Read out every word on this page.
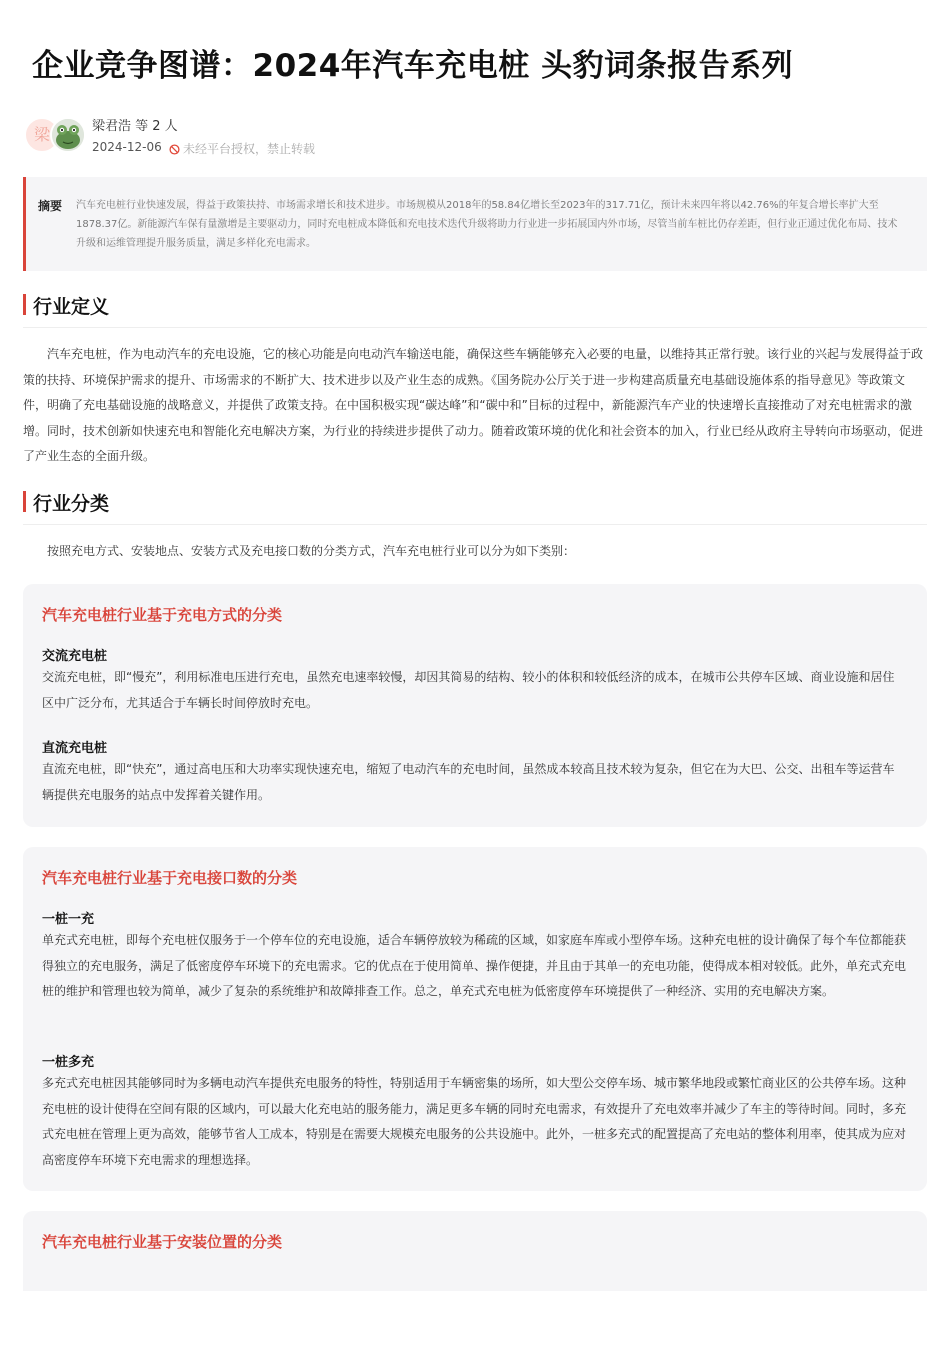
企业竞争图谱：2024年汽车充电桩 头豹词条报告系列
梁	梁君浩 等 2 人
2024-12-06	未经平台授权，禁止转载
摘要 汽车充电桩行业快速发展，得益于政策扶持、市场需求增长和技术进步。市场规模从2018年的58.84亿增长至2023年的317.71亿，预计未来四年将以42.76%的年复合增长率扩大至1878.37亿。新能源汽车保有量激增是主要驱动力，同时充电桩成本降低和充电技术迭代升级将助力行业进一步拓展国内外市场，尽管当前车桩比仍存差距，但行业正通过优化布局、技术升级和运维管理提升服务质量，满足多样化充电需求。
行业定义
汽车充电桩，作为电动汽车的充电设施，它的核心功能是向电动汽车输送电能，确保这些车辆能够充入必要的电量，以维持其正常行驶。该行业的兴起与发展得益于政策的扶持、环境保护需求的提升、市场需求的不断扩大、技术进步以及产业生态的成熟。《国务院办公厅关于进一步构建高质量充电基础设施体系的指导意见》等政策文件，明确了充电基础设施的战略意义，并提供了政策支持。在中国积极实现“碳达峰”和“碳中和”目标的过程中，新能源汽车产业的快速增长直接推动了对充电桩需求的激增。同时，技术创新如快速充电和智能化充电解决方案，为行业的持续进步提供了动力。随着政策环境的优化和社会资本的加入，行业已经从政府主导转向市场驱动，促进了产业生态的全面升级。
行业分类
按照充电方式、安装地点、安装方式及充电接口数的分类方式，汽车充电桩行业可以分为如下类别：
汽车充电桩行业基于充电方式的分类
交流充电桩
交流充电桩，即“慢充”，利用标准电压进行充电，虽然充电速率较慢，却因其简易的结构、较小的体积和较低经济的成本，在城市公共停车区域、商业设施和居住区中广泛分布，尤其适合于车辆长时间停放时充电。
直流充电桩
直流充电桩，即“快充”，通过高电压和大功率实现快速充电，缩短了电动汽车的充电时间，虽然成本较高且技术较为复杂，但它在为大巴、公交、出租车等运营车辆提供充电服务的站点中发挥着关键作用。
汽车充电桩行业基于充电接口数的分类
一桩一充
单充式充电桩，即每个充电桩仅服务于一个停车位的充电设施，适合车辆停放较为稀疏的区域，如家庭车库或小型停车场。这种充电桩的设计确保了每个车位都能获得独立的充电服务，满足了低密度停车环境下的充电需求。它的优点在于使用简单、操作便捷，并且由于其单一的充电功能，使得成本相对较低。此外，单充式充电桩的维护和管理也较为简单，减少了复杂的系统维护和故障排查工作。总之，单充式充电桩为低密度停车环境提供了一种经济、实用的充电解决方案。
一桩多充
多充式充电桩因其能够同时为多辆电动汽车提供充电服务的特性，特别适用于车辆密集的场所，如大型公交停车场、城市繁华地段或繁忙商业区的公共停车场。这种充电桩的设计使得在空间有限的区域内，可以最大化充电站的服务能力，满足更多车辆的同时充电需求，有效提升了充电效率并减少了车主的等待时间。同时，多充式充电桩在管理上更为高效，能够节省人工成本，特别是在需要大规模充电服务的公共设施中。此外，一桩多充式的配置提高了充电站的整体利用率，使其成为应对高密度停车环境下充电需求的理想选择。
汽车充电桩行业基于安装位置的分类
